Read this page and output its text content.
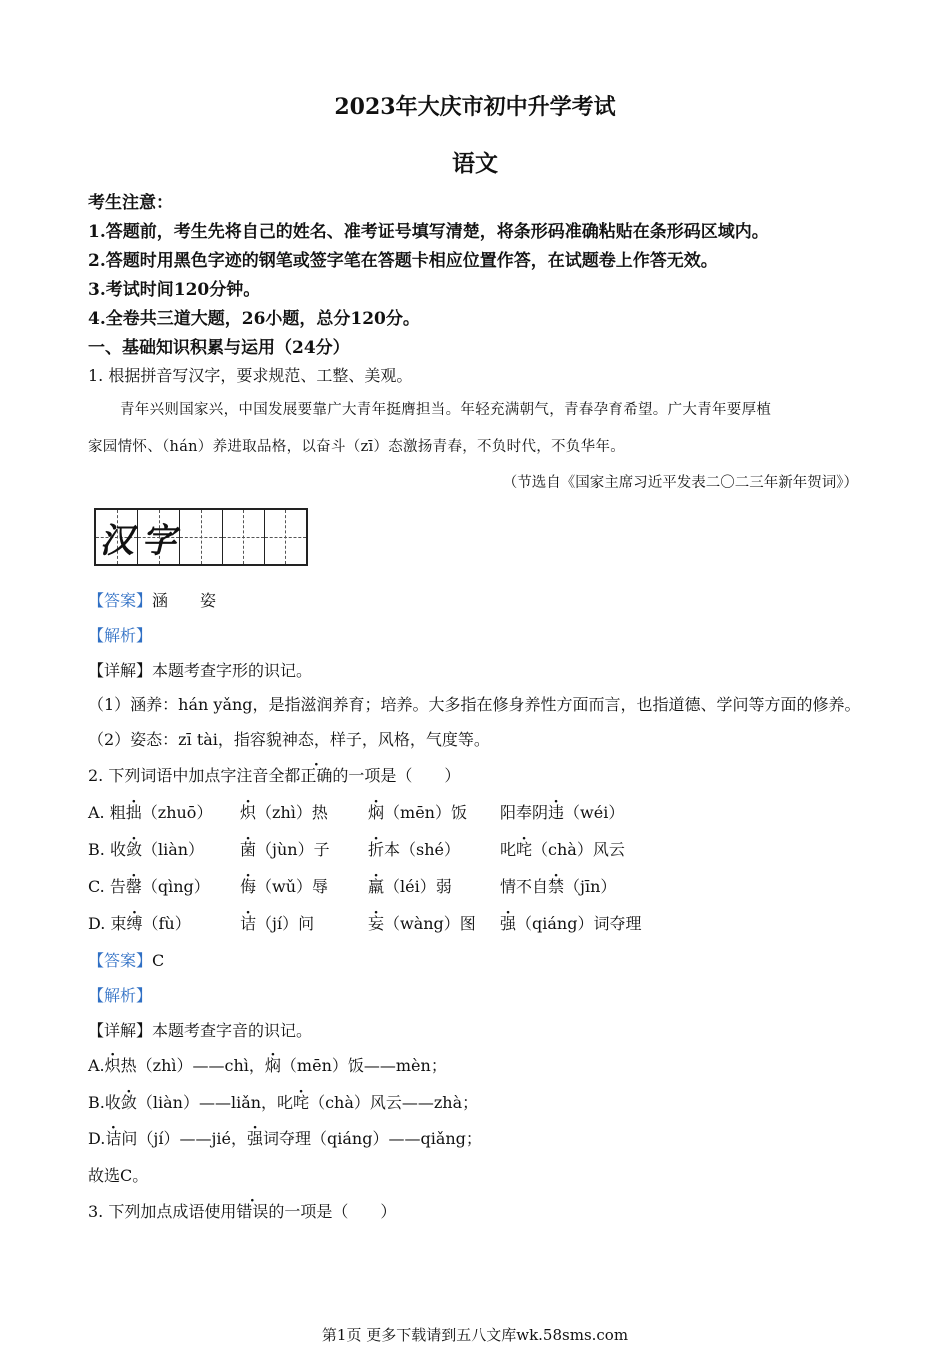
2023年大庆市初中升学考试
语文
考生注意：
1.答题前，考生先将自己的姓名、准考证号填写清楚，将条形码准确粘贴在条形码区域内。
2.答题时用黑色字迹的钢笔或签字笔在答题卡相应位置作答，在试题卷上作答无效。
3.考试时间120分钟。
4.全卷共三道大题，26小题，总分120分。
一、基础知识积累与运用（24分）
1. 根据拼音写汉字，要求规范、工整、美观。
青年兴则国家兴，中国发展要靠广大青年挺膺担当。年轻充满朝气，青春孕育希望。广大青年要厚植
家园情怀、（hán）养进取品格，以奋斗（zī）态激扬青春，不负时代，不负华年。
（节选自《国家主席习近平发表二〇二三年新年贺词》）
汉 字
【答案】涵　　姿
【解析】
【详解】本题考查字形的识记。
（1）涵养：hán yǎng，是指滋润养育；培养。大多指在修身养性方面而言，也指道德、学问等方面的修养。
（2）姿态：zī tài，指容貌神态，样子，风格，气度等。
2. 下列词语中加点字注音全都正确的一项是（　　）
A. 粗拙（zhuō） 炽（zhì）热	焖（mēn）饭 阳奉阴违（wéi）
B. 收敛（liàn） 菌（jùn）子 折本（shé） 叱咤（chà）风云
C. 告罄（qìng） 侮（wǔ）辱 羸（léi）弱	情不自禁（jīn）
D. 束缚（fù）	诘（jí）问	妄（wàng）图 强（qiáng）词夺理
【答案】C
【解析】
【详解】本题考查字音的识记。
A.炽热（zhì）——chì，焖（mēn）饭——mèn；
B.收敛（liàn）——liǎn，叱咤（chà）风云——zhà；
D.诘问（jí）——jié，强词夺理（qiáng）——qiǎng；
故选C。
3. 下列加点成语使用错误的一项是（　　）
第1页 更多下载请到五八文库wk.58sms.com
